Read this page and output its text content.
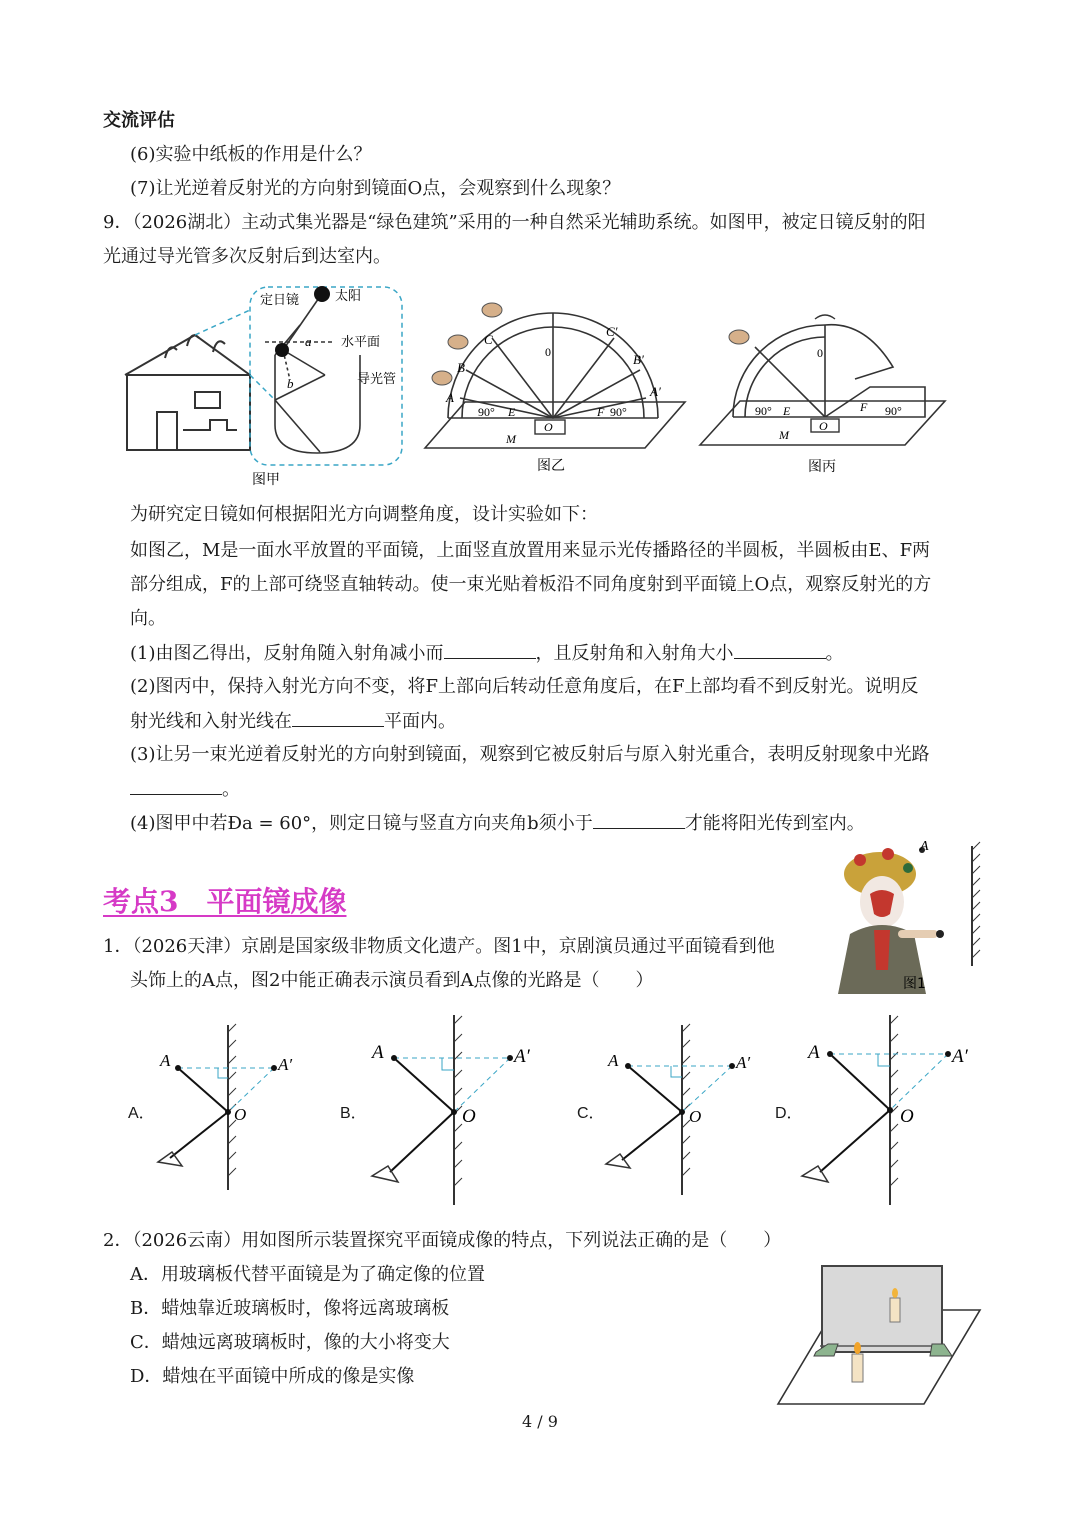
交流评估
(6)实验中纸板的作用是什么？
(7)让光逆着反射光的方向射到镜面O点，会观察到什么现象？
9．（2026湖北）主动式集光器是“绿色建筑”采用的一种自然采光辅助系统。如图甲，被定日镜反射的阳
光通过导光管多次反射后到达室内。
定日镜	太阳
水平面
导光管
a
b
图甲
A
B
C
C′
B′
A′
0
90°	90°
E	F
M
O
图乙
0
90°	90°
E	F
M
O
图丙
为研究定日镜如何根据阳光方向调整角度，设计实验如下：
如图乙，M是一面水平放置的平面镜，上面竖直放置用来显示光传播路径的半圆板，半圆板由E、F两
部分组成，F的上部可绕竖直轴转动。使一束光贴着板沿不同角度射到平面镜上O点，观察反射光的方
向。
(1)由图乙得出，反射角随入射角减小而	，且反射角和入射角大小	。
(2)图丙中，保持入射光方向不变，将F上部向后转动任意角度后，在F上部均看不到反射光。说明反
射光线和入射光线在	平面内。
(3)让另一束光逆着反射光的方向射到镜面，观察到它被反射后与原入射光重合，表明反射现象中光路
。
(4)图甲中若Ða = 60°，则定日镜与竖直方向夹角b须小于	才能将阳光传到室内。
考点3　平面镜成像
A
图1
1．（2026天津）京剧是国家级非物质文化遗产。图1中，京剧演员通过平面镜看到他
头饰上的A点，图2中能正确表示演员看到A点像的光路是（　　）
A．
A	A′
O	B．
A	A′
O	C．
A	A′
O	D．
A	A′
O
2．（2026云南）用如图所示装置探究平面镜成像的特点，下列说法正确的是（　　）
A．用玻璃板代替平面镜是为了确定像的位置
B．蜡烛靠近玻璃板时，像将远离玻璃板
C．蜡烛远离玻璃板时，像的大小将变大
D．蜡烛在平面镜中所成的像是实像
4 / 9
